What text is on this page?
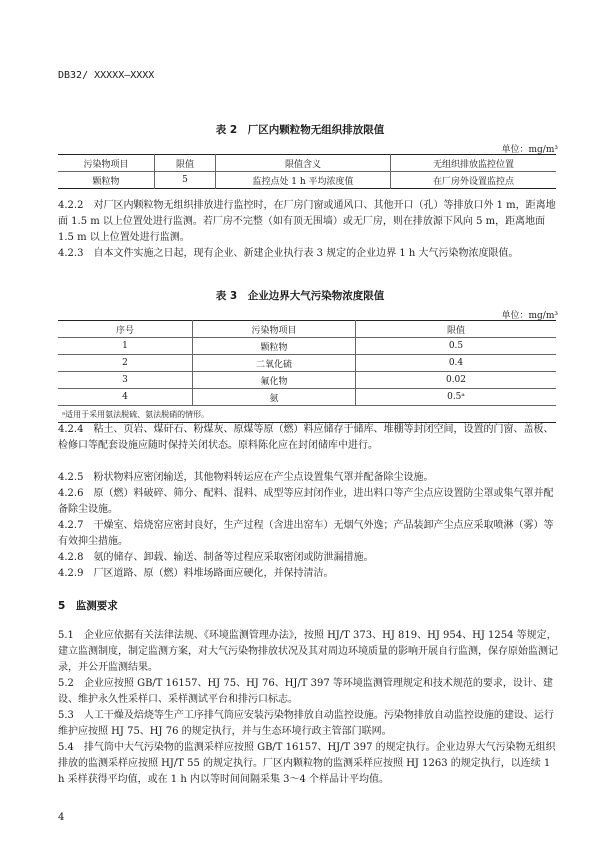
DB32/ XXXXX—XXXX
表 2　厂区内颗粒物无组织排放限值
单位：mg/m³
污染物项目	限值	限值含义	无组织排放监控位置
颗粒物	5	监控点处 1 h 平均浓度值	在厂房外设置监控点

4.2.2　对厂区内颗粒物无组织排放进行监控时，在厂房门窗或通风口、其他开口（孔）等排放口外 1 m，距离地面 1.5 m 以上位置处进行监测。若厂房不完整（如有顶无围墙）或无厂房，则在排放源下风向 5 m，距离地面 1.5 m 以上位置处进行监测。

4.2.3　自本文件实施之日起，现有企业、新建企业执行表 3 规定的企业边界 1 h 大气污染物浓度限值。

表 3　企业边界大气污染物浓度限值
单位：mg/m³
序号	污染物项目	限值
1	颗粒物	0.5
2	二氧化硫	0.4
3	氟化物	0.02
4	氨	0.5ᵃ
ᵃ适用于采用氨法脱硫、氨法脱硝的情形。		

4.2.4　粘土、页岩、煤矸石、粉煤灰、原煤等原（燃）料应储存于储库、堆棚等封闭空间，设置的门窗、盖板、检修口等配套设施应随时保持关闭状态。原料陈化应在封闭储库中进行。

4.2.5　粉状物料应密闭输送，其他物料转运应在产尘点设置集气罩并配备除尘设施。

4.2.6　原（燃）料破碎、筛分、配料、混料、成型等应封闭作业，进出料口等产尘点应设置防尘罩或集气罩并配备除尘设施。

4.2.7　干燥室、焙烧窑应密封良好，生产过程（含进出窑车）无烟气外逸；产品装卸产尘点应采取喷淋（雾）等有效抑尘措施。

4.2.8　氨的储存、卸载、输送、制备等过程应采取密闭或防泄漏措施。

4.2.9　厂区道路、原（燃）料堆场路面应硬化，并保持清洁。

5　监测要求

5.1　企业应依据有关法律法规、《环境监测管理办法》，按照 HJ/T 373、HJ 819、HJ 954、HJ 1254 等规定，建立监测制度，制定监测方案，对大气污染物排放状况及其对周边环境质量的影响开展自行监测，保存原始监测记录，并公开监测结果。

5.2　企业应按照 GB/T 16157、HJ 75、HJ 76、HJ/T 397 等环境监测管理规定和技术规范的要求，设计、建设、维护永久性采样口、采样测试平台和排污口标志。

5.3　人工干燥及焙烧等生产工序排气筒应安装污染物排放自动监控设施。污染物排放自动监控设施的建设、运行维护应按照 HJ 75、HJ 76 的规定执行，并与生态环境行政主管部门联网。

5.4　排气筒中大气污染物的监测采样应按照 GB/T 16157、HJ/T 397 的规定执行。企业边界大气污染物无组织排放的监测采样应按照 HJ/T 55 的规定执行。厂区内颗粒物的监测采样应按照 HJ 1263 的规定执行，以连续 1 h 采样获得平均值，或在 1 h 内以等时间间隔采集 3～4 个样品计平均值。

4
